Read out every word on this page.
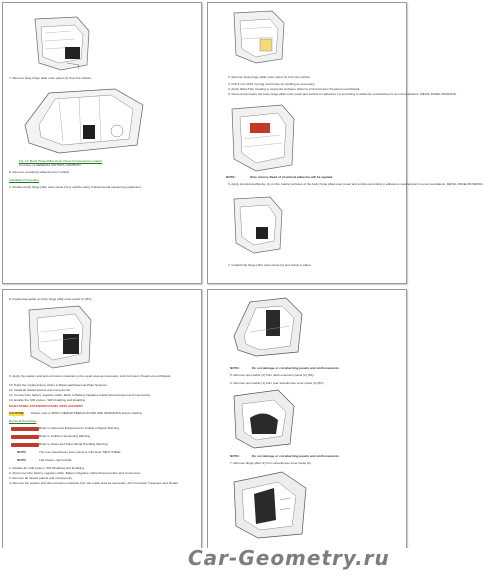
7. Remove body hinge pillar outer panel (1) from the vehicle.
Fig. 13: Body Hinge Pillar Outer Panel Components Location
Courtesy of GENERAL MOTORS COMPANY
8. Remove remaining adhesive from vehicle.
Installation Procedure
1. Position body hinge pillar outer panel (1) to vehicle using 3-dimensional measuring equipment.
2. Remove body hinge pillar outer panel (1) from the vehicle.
3. Drill 8 mm (5/16 in) plug weld holes for welding as necessary.
4. Apply Weld-Thru Coating to weld joint surfaces. Refer to Anti-Corrosion Treatment and Repair.
5. Clean and prepare the body hinge pillar outer panel and vehicle for adhesive (1) according to adhesive manufacturer's recommendations. METAL PANEL BONDING.
NOTE:	Only remove Bead of structural adhesive will be applied.
6. Apply structural adhesive (1) on the mating surfaces of the body hinge pillar outer panel and vehicle according to adhesive manufacturer's recommendations. METAL PANEL BONDING.
7. Install body hinge pillar outer panel (1) and clamp in place.
8. Install plug welds on body hinge pillar outer panel (1) (8X).
9. Apply the sealers and anti-corrosion materials to the repair area as necessary. Anti-Corrosion Treatment and Repair.
10. Paint the repaired area. Refer to Basecoat/Clearcoat Paint Systems.
11. Install all related panels and components.
12. Connect the battery negative cable. Refer to Battery Negative Cable Disconnection and Connection.
13. Enable the SIR system. SIR Disabling and Enabling.
DASH PANEL EXTENSION PANEL REPLACEMENT
CAUTION: Please refer to BODY REPAIR PRECAUTIONS AND WARNINGS before starting.
Removal Procedure
Refer to Approved Equipment for Collision Repair Warning.
Refer to Collision Sectioning Warning.
Refer to Glass and Sheet Metal Handling Warning.
NOTE:	The rear wheelhouse inner panel is mild steel. MILD STEEL.
NOTE:	Left shown, right similar.
1. Disable the SIR system. SIR Disabling and Enabling.
2. Disconnect the battery negative cable. Battery Negative Cable Disconnection and Connection.
3. Remove all related panels and components.
4. Remove the sealers and anti-corrosion materials from the repair area as necessary. Anti-Corrosion Treatment and Repair.
NOTE:	Do not damage or cut attaching panels and reinforcements.
5. Remove spot welds (1) from dash extension panel (2) (8X).
6. Remove spot welds (1) from rear wheelhouse inner panel (2) (8X).
NOTE:	Do not damage or cut attaching panels and reinforcements.
7. Remove hinge pillar (1) from wheelhouse inner panel (2).
Car-Geometry.ru
